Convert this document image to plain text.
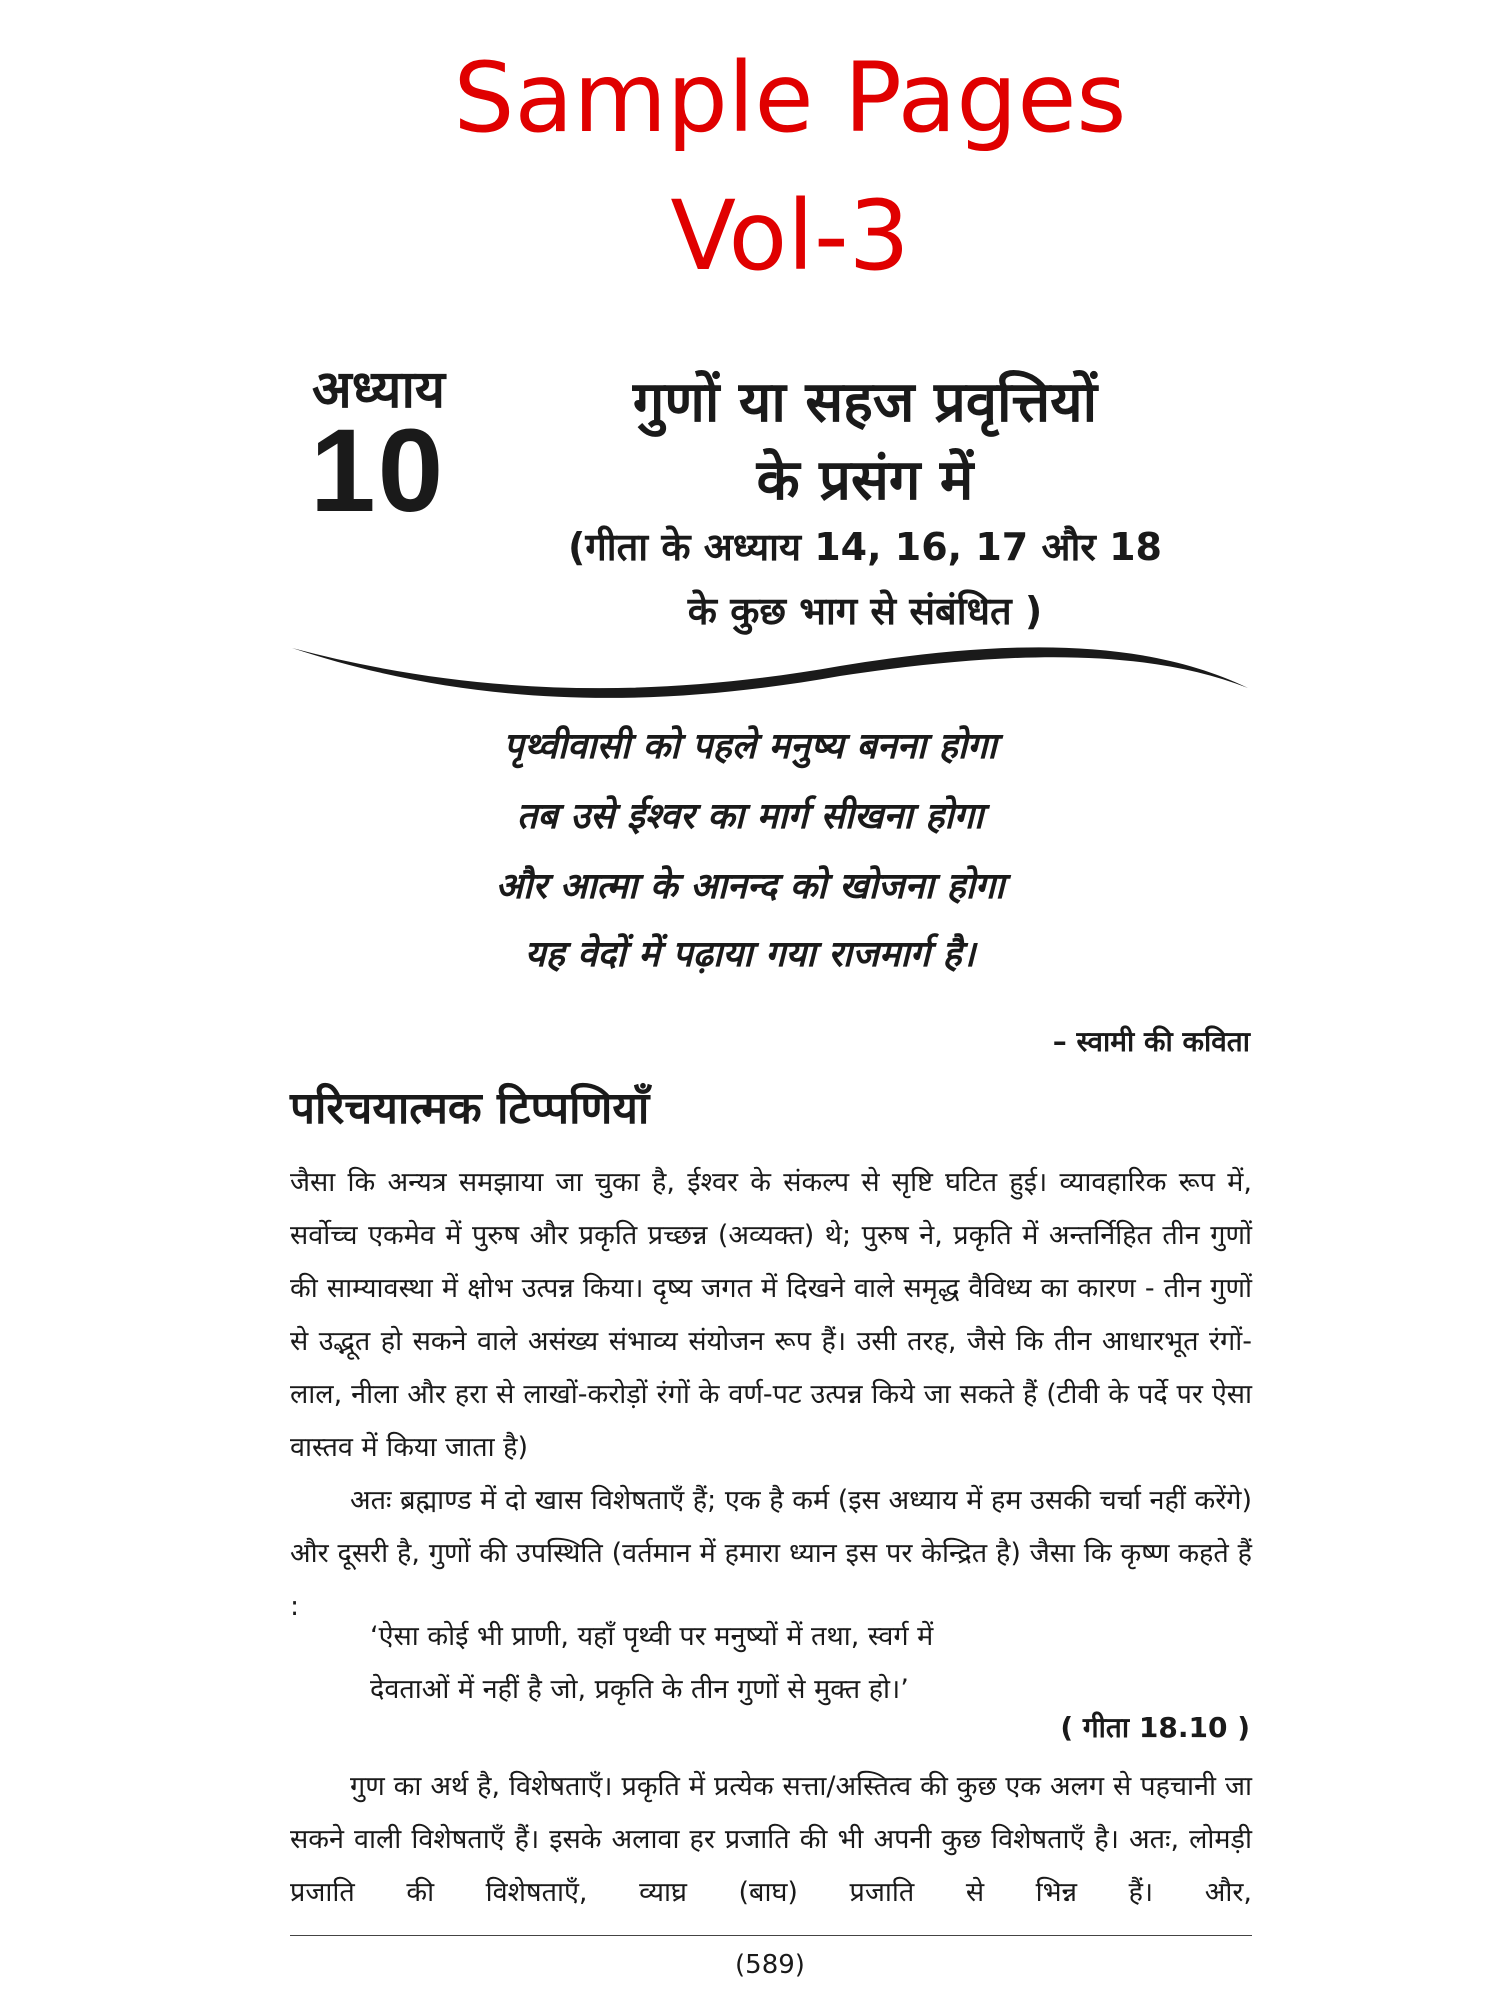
Sample Pages
Vol-3
अध्याय
10
गुणों या सहज प्रवृत्तियों
के प्रसंग में
(गीता के अध्याय 14, 16, 17 और 18
के कुछ भाग से संबंधित )
पृथ्वीवासी को पहले मनुष्य बनना होगा
तब उसे ईश्वर का मार्ग सीखना होगा
और आत्मा के आनन्द को खोजना होगा
यह वेदों में पढ़ाया गया राजमार्ग है।
– स्वामी की कविता
परिचयात्मक टिप्पणियाँ

जैसा कि अन्यत्र समझाया जा चुका है, ईश्वर के संकल्प से सृष्टि घटित हुई। व्यावहारिक रूप में, सर्वोच्च एकमेव में पुरुष और प्रकृति प्रच्छन्न (अव्यक्त) थे; पुरुष ने, प्रकृति में अन्तर्निहित तीन गुणों की साम्यावस्था में क्षोभ उत्पन्न किया। दृष्य जगत में दिखने वाले समृद्ध वैविध्य का कारण - तीन गुणों से उद्भूत हो सकने वाले असंख्य संभाव्य संयोजन रूप हैं। उसी तरह, जैसे कि तीन आधारभूत रंगों-लाल, नीला और हरा से लाखों-करोड़ों रंगों के वर्ण-पट उत्पन्न किये जा सकते हैं (टीवी के पर्दे पर ऐसा वास्तव में किया जाता है)

अतः ब्रह्माण्ड में दो खास विशेषताएँ हैं; एक है कर्म (इस अध्याय में हम उसकी चर्चा नहीं करेंगे) और दूसरी है, गुणों की उपस्थिति (वर्तमान में हमारा ध्यान इस पर केन्द्रित है) जैसा कि कृष्ण कहते हैं :

‘ऐसा कोई भी प्राणी, यहाँ पृथ्वी पर मनुष्यों में तथा, स्वर्ग में
देवताओं में नहीं है जो, प्रकृति के तीन गुणों से मुक्त हो।’
( गीता 18.10 )

गुण का अर्थ है, विशेषताएँ। प्रकृति में प्रत्येक सत्ता/अस्तित्व की कुछ एक अलग से पहचानी जा सकने वाली विशेषताएँ हैं। इसके अलावा हर प्रजाति की भी अपनी कुछ विशेषताएँ है। अतः, लोमड़ी प्रजाति की विशेषताएँ, व्याघ्र (बाघ) प्रजाति से भिन्न हैं। और,

(589)
